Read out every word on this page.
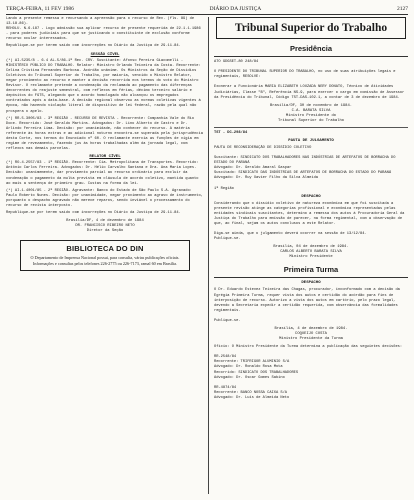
TERÇA-FEIRA, 11 FEV 1986	DIÁRIO DA JUSTIÇA	2127

Lando a presente remessa e recursando a apreensão para o recurso de Rev. (fls. 89) de 13.18.86).
REHOLU. N.6.187 - Logo admissão sua aplicar recurso de presente requerida de 22.1.1.1986 - para poderes judiciais para que se justicando o constituinte de exclusão conforme recurso ocular interessados.

Republique-se por terem saído com incorreções no Diário da Justiça de 29.11.84.

SESSÃO CÍVEL

(*) AI-5235/8 - 6.4 AL-5/86-1ª Rec. CRV. Suscitante: Afonso Pereira Giacomelli - MINISTÉRIO PÚBLICO DO TRABALHO. Relator: Ministro Orlando Teixeira da Costa. Recorrente: Celina Cristina Fernandes Barbosa. Acórdão unânime. Os Ministros da Seção de Dissídios Coletivos do Tribunal Superior do Trabalho, por maioria, vencido o Ministro Relator, negar provimento ao recurso e manter a decisão recorrida nos termos do voto do Ministro Revisor. O reclamante pretende a condenação da reclamada ao pagamento das diferenças decorrentes do reajuste semestral, com reflexos em férias, décimo terceiro salário e depósitos do FGTS, alegando que o acordo homologado não alcançou os empregados contratados após a data-base. A decisão regional observou as normas coletivas vigentes à época, não havendo violação literal de dispositivo de lei federal, razão pela qual não prospera o apelo.

(*) RR-5.3005/83 - 3ª REGIÃO - RECURSO DE REVISTA - Recorrente: Companhia Vale do Rio Doce. Recorrido: José Geraldo Martins. Advogados: Dr. Lino Alberto de Castro e Dr. Arlindo Ferreira Lima. Decisão: por unanimidade, não conhecer do recurso. A matéria referente às horas extras e ao adicional noturno encontra-se superada pela jurisprudência desta Corte, nos termos do Enunciado nº 60. O reclamante exercia as funções de vigia em regime de revezamento, fazendo jus às horas trabalhadas além da jornada legal, com reflexos nas demais parcelas.

RELATOR CÍVEL

(*) RO-4.2557/83 - 1ª REGIÃO. Recorrente: Cia. Metropolitana de Transportes. Recorrido: Antônio Carlos Ferreira. Advogados: Dr. Hélio Carvalho Santana e Dra. Ana Maria Lopes. Decisão: unanimemente, dar provimento parcial ao recurso ordinário para excluir da condenação o pagamento da multa prevista em cláusula de acordo coletivo, mantida quanto ao mais a sentença de primeiro grau. Custas na forma da lei.

(*) AI-1.4001/85 - 2ª REGIÃO. Agravante: Banco do Estado de São Paulo S.A. Agravado: Paulo Roberto Nunes. Decisão: por unanimidade, negar provimento ao agravo de instrumento, porquanto o despacho agravado não merece reparos, sendo inviável o processamento do recurso de revista interposto.

Republique-se por terem saído com incorreções no Diário da Justiça de 29.11.84.

Brasília/DF, 4 de dezembro de 1984
DR. FRANCISCO RIBEIRO NETO
Diretor da Seção
BIBLIOTECA DO DIN
O Departamento de Imprensa Nacional possui, para consulta, várias publicações oficiais. Informações e consultas pelos telefones 226-2775 ou 226-7173, ramal 60 em Brasília.
Tribunal Superior do Trabalho
Presidência

ATO GDGSET-80 248/84

O PRESIDENTE DO TRIBUNAL SUPERIOR DO TRABALHO, no uso de suas atribuições legais e regimentais, RESOLVE:

Exonerar a Funcionária MARIA ELIZABETH LOUZADA NERY DONATO, Técnico de Atividades Judiciárias, Classe "B", Referência NS-9, para exercer o cargo em comissão de Assessor da Presidência do Tribunal, Código TST-DAS-102.1, a contar de 3 de dezembro de 1984.

Brasília/DF, 30 de novembro de 1984.
C.A. BARATA SILVA
Ministro Presidente do
Tribunal Superior do Trabalho

TST - DC-298/84

PAUTA DE JULGAMENTO

PAUTA DE RECONSIDERAÇÃO DE DISSÍDIO COLETIVO

Suscitante: SINDICATO DOS TRABALHADORES NAS INDÚSTRIAS DE ARTEFATOS DE BORRACHA DO ESTADO DO PARANÁ
Advogado: Dr. Geraldo Amaral Gaspar
Suscitado: SINDICATO DAS INDÚSTRIAS DE ARTEFATOS DE BORRACHA DO ESTADO DO PARANÁ
Advogado: Dr. Ruy Xavier Filho da Silva Almeida

1ª Região

DESPACHO

Considerando que o dissídio coletivo de natureza econômica em que foi suscitada a presente revisão atinge as categorias profissional e econômica representadas pelas entidades sindicais suscitantes, determino a remessa dos autos à Procuradoria Geral da Justiça do Trabalho para emissão de parecer, na forma regimental, com a observação de que, ao final, sejam os autos conclusos a este Relator.

Diga-se ainda, que o julgamento deverá ocorrer na sessão de 13/12/84.
Publique-se.

Brasília, 04 de dezembro de 1984.
CARLOS ALBERTO BARATA SILVA
Ministro Presidente
Primeira Turma
DESPACHO

O Dr. Eduardo Estevez Teixeira das Chagas, procurador, inconformado com a decisão da Egrégia Primeira Turma, requer vista dos autos e certidão do acórdão para fins de interposição de recurso. Autorizo a vista dos autos em cartório, pelo prazo legal, devendo a Secretaria expedir a certidão requerida, com observância das formalidades regimentais.

Publique-se.

Brasília, 4 de dezembro de 1984.
COQUEIJO COSTA
Ministro Presidente da Turma

Ofício: O Ministro Presidente da Turma determina a publicação das seguintes decisões:

RR-2548/84
Recorrente: TRIFRIGOR ALUMINIO S/A
Advogado: Dr. Ronaldo Rosa Mota
Recorrido: SINDICATO DOS TRABALHADORES
Advogado: Dr. Oscar Gomes Sabino

RR-4874/84
Recorrente: BANCO NOSSA CAIXA S/A
Advogado: Dr. Luis de Almeida Neto
